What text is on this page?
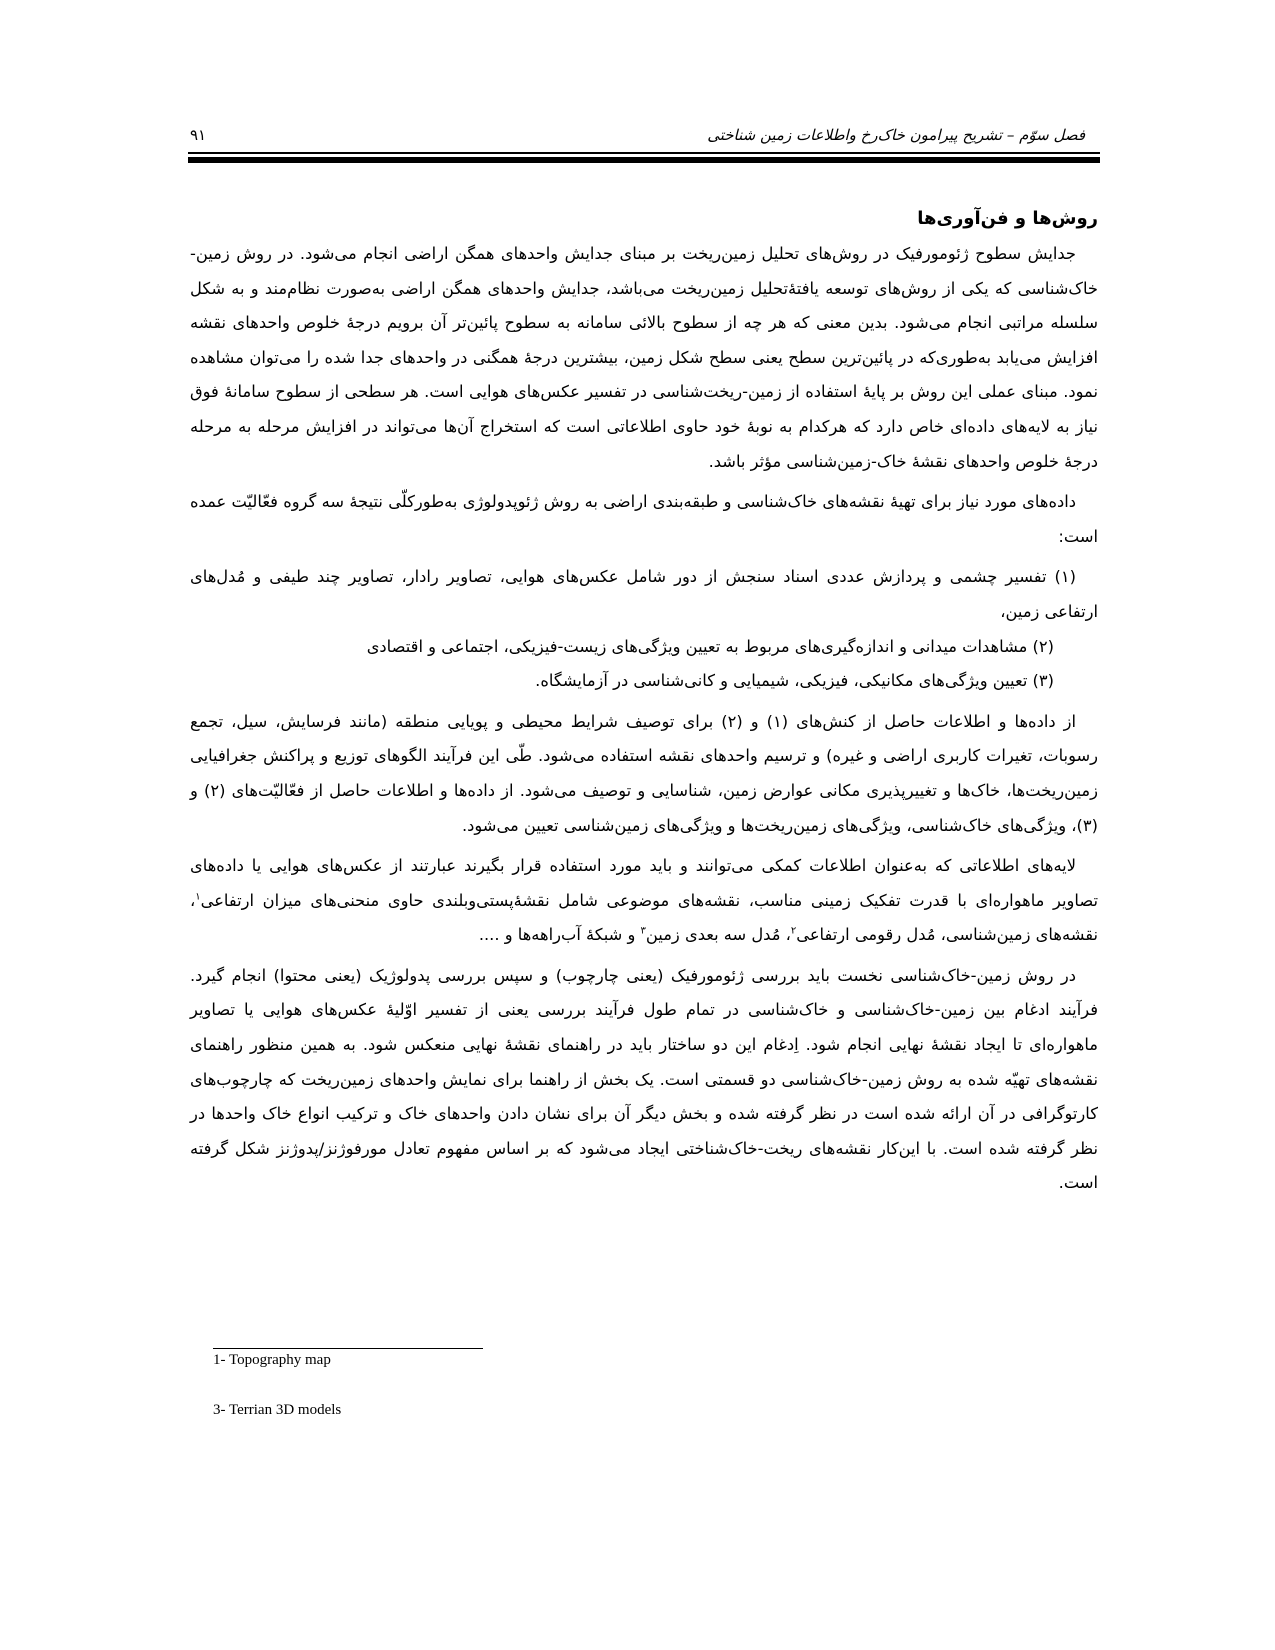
فصل سوّم – تشریح پیرامون خاک‌رخ واطلاعات زمین شناختی
۹۱
روش‌ها و فن‌آوری‌ها

جدایش سطوح ژئومورفیک در روش‌های تحلیل زمین‌ریخت بر مبنای جدایش واحدهای همگن اراضی انجام می‌شود. در روش زمین-خاک‌شناسی که یکی از روش‌های توسعه یافتهٔ‌تحلیل زمین‌ریخت می‌باشد، جدایش واحدهای همگن اراضی به‌صورت نظام‌مند و به شکل سلسله مراتبی انجام می‌شود. بدین معنی که هر چه از سطوح بالائی سامانه به سطوح پائین‌تر آن برویم درجهٔ خلوص واحدهای نقشه افزایش می‌یابد به‌طوری‌که در پائین‌ترین سطح یعنی سطح شکل زمین، بیشترین درجهٔ همگنی در واحدهای جدا شده را می‌توان مشاهده نمود. مبنای عملی این روش بر پایهٔ استفاده از زمین-ریخت‌شناسی در تفسیر عکس‌های هوایی است. هر سطحی از سطوح سامانهٔ فوق نیاز به لایه‌های داده‌ای خاص دارد که هرکدام به نوبهٔ خود حاوی اطلاعاتی است که استخراج آن‌ها می‌تواند در افزایش مرحله به مرحله درجهٔ خلوص واحدهای نقشهٔ خاک-زمین‌شناسی مؤثر باشد.

داده‌های مورد نیاز برای تهیهٔ نقشه‌های خاک‌شناسی و طبقه‌بندی اراضی به روش ژئوپدولوژی به‌طورکلّی نتیجهٔ سه گروه فعّالیّت عمده است:

(۱) تفسیر چشمی و پردازش عددی اسناد سنجش از دور شامل عکس‌های هوایی، تصاویر رادار، تصاویر چند طیفی و مُدل‌های ارتفاعی زمین،

(۲) مشاهدات میدانی و اندازه‌گیری‌های مربوط به تعیین ویژگی‌های زیست-فیزیکی، اجتماعی و اقتصادی

(۳) تعیین ویژگی‌های مکانیکی، فیزیکی، شیمیایی و کانی‌شناسی در آزمایشگاه.

از داده‌ها و اطلاعات حاصل از کنش‌های (۱) و (۲) برای توصیف شرایط محیطی و پویایی منطقه (مانند فرسایش، سیل، تجمع رسوبات، تغیرات کاربری اراضی و غیره) و ترسیم واحدهای نقشه استفاده می‌شود. طّی این فرآیند الگوهای توزیع و پراکنش جغرافیایی زمین‌ریخت‌ها، خاک‌ها و تغییرپذیری مکانی عوارض زمین، شناسایی و توصیف می‌شود. از داده‌ها و اطلاعات حاصل از فعّالیّت‌های (۲) و (۳)، ویژگی‌های خاک‌شناسی، ویژگی‌های زمین‌ریخت‌ها و ویژگی‌های زمین‌شناسی تعیین می‌شود.

لایه‌های اطلاعاتی که به‌عنوان اطلاعات کمکی می‌توانند و باید مورد استفاده قرار بگیرند عبارتند از عکس‌های هوایی یا داده‌های تصاویر ماهواره‌ای با قدرت تفکیک زمینی مناسب، نقشه‌های موضوعی شامل نقشهٔ‌پستی‌وبلندی حاوی منحنی‌های میزان ارتفاعی$^۱$، نقشه‌های زمین‌شناسی، مُدل رقومی ارتفاعی$^۲$، مُدل سه بعدی زمین$^۳$ و شبکهٔ آب‌راهه‌ها و ....

در روش زمین-خاک‌شناسی نخست باید بررسی ژئومورفیک (یعنی چارچوب) و سپس بررسی پدولوژیک (یعنی محتوا) انجام گیرد. فرآیند ادغام بین زمین-خاک‌شناسی و خاک‌شناسی در تمام طول فرآیند بررسی یعنی از تفسیر اوّلیهٔ عکس‌های هوایی یا تصاویر ماهواره‌ای تا ایجاد نقشهٔ نهایی انجام شود. اِدغام این دو ساختار باید در راهنمای نقشهٔ نهایی منعکس شود. به همین منظور راهنمای نقشه‌های تهیّه شده به روش زمین-خاک‌شناسی دو قسمتی است. یک بخش از راهنما برای نمایش واحدهای زمین‌ریخت که چارچوب‌های کارتوگرافی در آن ارائه شده است در نظر گرفته شده و بخش دیگر آن برای نشان دادن واحدهای خاک و ترکیب انواع خاک واحدها در نظر گرفته شده است. با این‌کار نقشه‌های ریخت-خاک‌شناختی ایجاد می‌شود که بر اساس مفهوم تعادل مورفوژنز/پدوژنز شکل گرفته است.

1- Topography map
3- Terrian 3D models
